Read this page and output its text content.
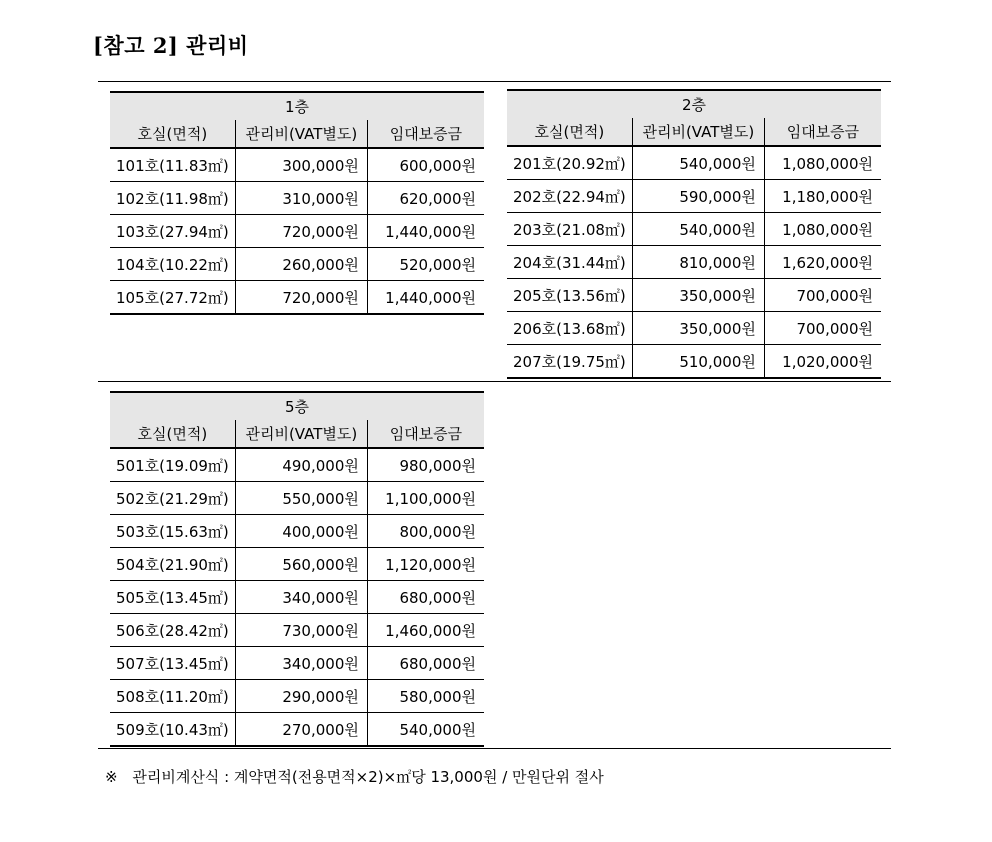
[참고 2] 관리비
1층		
호실(면적)	관리비(VAT별도)	임대보증금
101호(11.83㎡)	300,000원	600,000원
102호(11.98㎡)	310,000원	620,000원
103호(27.94㎡)	720,000원	1,440,000원
104호(10.22㎡)	260,000원	520,000원
105호(27.72㎡)	720,000원	1,440,000원
2층		
호실(면적)	관리비(VAT별도)	임대보증금
201호(20.92㎡)	540,000원	1,080,000원
202호(22.94㎡)	590,000원	1,180,000원
203호(21.08㎡)	540,000원	1,080,000원
204호(31.44㎡)	810,000원	1,620,000원
205호(13.56㎡)	350,000원	700,000원
206호(13.68㎡)	350,000원	700,000원
207호(19.75㎡)	510,000원	1,020,000원
5층		
호실(면적)	관리비(VAT별도)	임대보증금
501호(19.09㎡)	490,000원	980,000원
502호(21.29㎡)	550,000원	1,100,000원
503호(15.63㎡)	400,000원	800,000원
504호(21.90㎡)	560,000원	1,120,000원
505호(13.45㎡)	340,000원	680,000원
506호(28.42㎡)	730,000원	1,460,000원
507호(13.45㎡)	340,000원	680,000원
508호(11.20㎡)	290,000원	580,000원
509호(10.43㎡)	270,000원	540,000원
※ 관리비계산식 : 계약면적(전용면적×2)×㎡당 13,000원 / 만원단위 절사
